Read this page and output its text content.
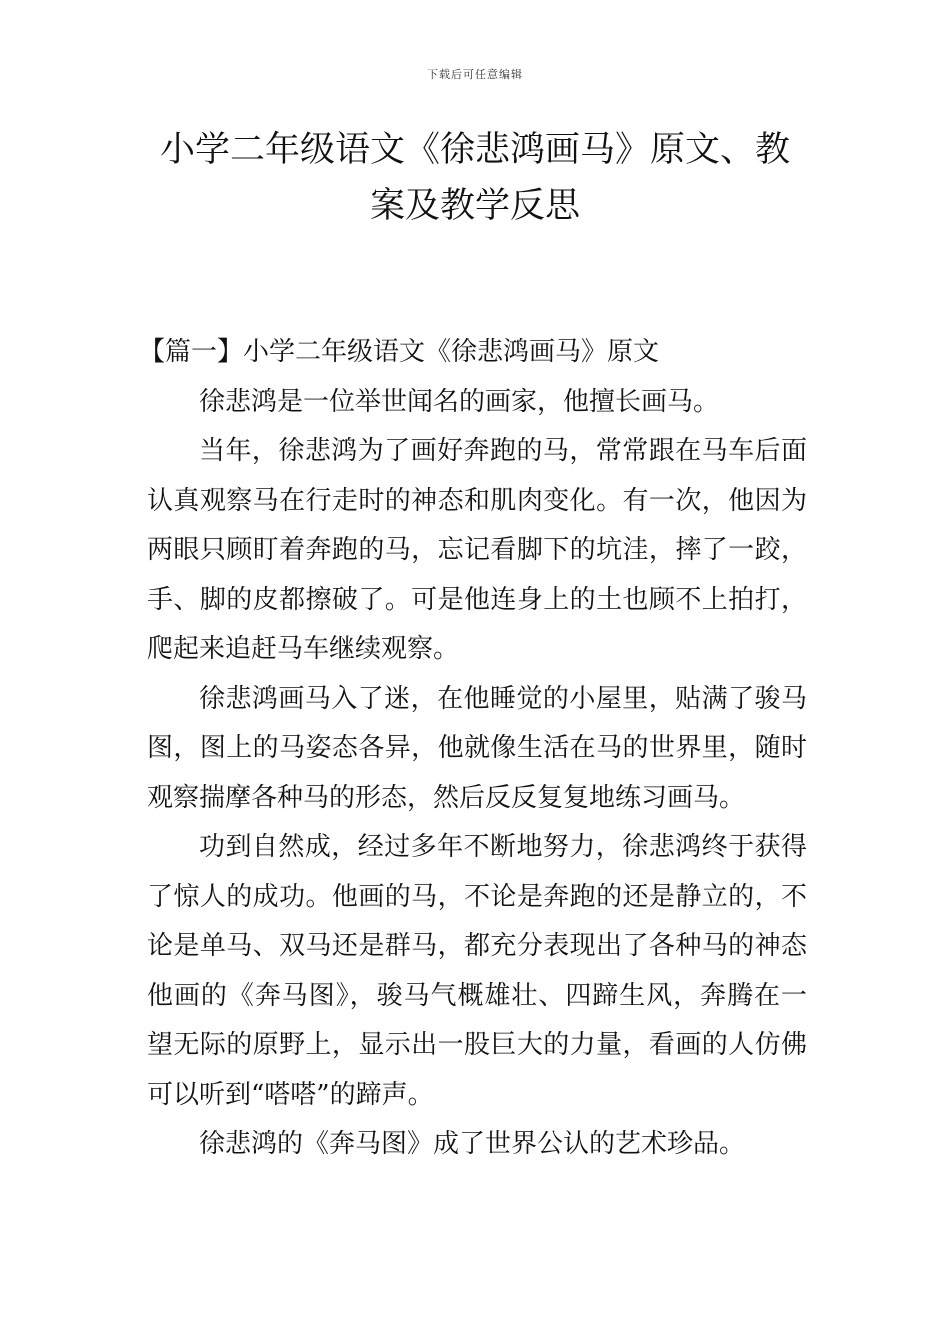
下载后可任意编辑
小学二年级语文《徐悲鸿画马》原文、教
案及教学反思

【篇一】小学二年级语文《徐悲鸿画马》原文

徐悲鸿是一位举世闻名的画家，他擅长画马。

当年，徐悲鸿为了画好奔跑的马，常常跟在马车后面认真观察马在行走时的神态和肌肉变化。有一次，他因为两眼只顾盯着奔跑的马，忘记看脚下的坑洼，摔了一跤，手、脚的皮都擦破了。可是他连身上的土也顾不上拍打，爬起来追赶马车继续观察。

徐悲鸿画马入了迷，在他睡觉的小屋里，贴满了骏马图，图上的马姿态各异，他就像生活在马的世界里，随时观察揣摩各种马的形态，然后反反复复地练习画马。

功到自然成，经过多年不断地努力，徐悲鸿终于获得了惊人的成功。他画的马，不论是奔跑的还是静立的，不论是单马、双马还是群马，都充分表现出了各种马的神态他画的《奔马图》，骏马气概雄壮、四蹄生风，奔腾在一望无际的原野上，显示出一股巨大的力量，看画的人仿佛可以听到“嗒嗒”的蹄声。

徐悲鸿的《奔马图》成了世界公认的艺术珍品。
